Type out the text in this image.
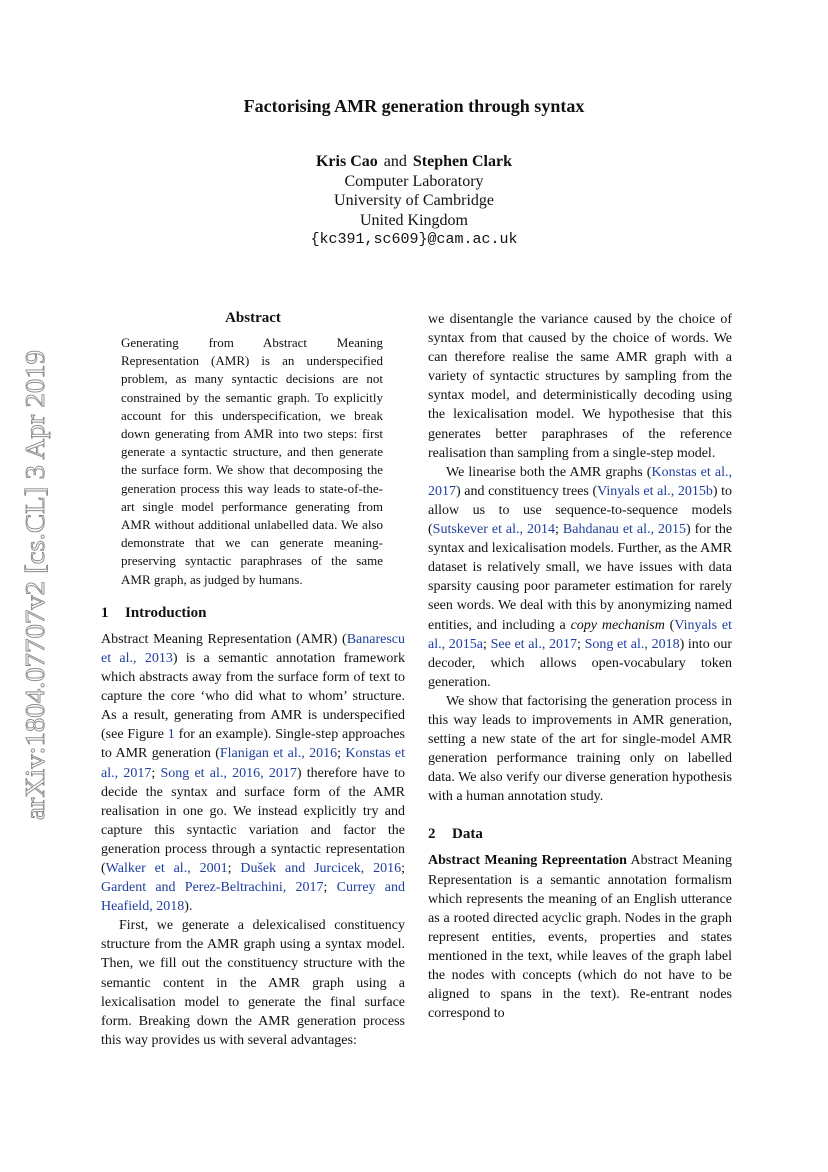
arXiv:1804.07707v2 [cs.CL] 3 Apr 2019
Factorising AMR generation through syntax
Kris Cao and Stephen Clark
Computer Laboratory
University of Cambridge
United Kingdom
{kc391,sc609}@cam.ac.uk
Abstract
Generating from Abstract Meaning Representation (AMR) is an underspecified problem, as many syntactic decisions are not constrained by the semantic graph. To explicitly account for this underspecification, we break down generating from AMR into two steps: first generate a syntactic structure, and then generate the surface form. We show that decomposing the generation process this way leads to state-of-the-art single model performance generating from AMR without additional unlabelled data. We also demonstrate that we can generate meaning-preserving syntactic paraphrases of the same AMR graph, as judged by humans.
1 Introduction

Abstract Meaning Representation (AMR) (Banarescu et al., 2013) is a semantic annotation framework which abstracts away from the surface form of text to capture the core ‘who did what to whom’ structure. As a result, generating from AMR is underspecified (see Figure 1 for an example). Single-step approaches to AMR generation (Flanigan et al., 2016; Konstas et al., 2017; Song et al., 2016, 2017) therefore have to decide the syntax and surface form of the AMR realisation in one go. We instead explicitly try and capture this syntactic variation and factor the generation process through a syntactic representation (Walker et al., 2001; Dušek and Jurcicek, 2016; Gardent and Perez-Beltrachini, 2017; Currey and Heafield, 2018).

First, we generate a delexicalised constituency structure from the AMR graph using a syntax model. Then, we fill out the constituency structure with the semantic content in the AMR graph using a lexicalisation model to generate the final surface form. Breaking down the AMR generation process this way provides us with several advantages:

we disentangle the variance caused by the choice of syntax from that caused by the choice of words. We can therefore realise the same AMR graph with a variety of syntactic structures by sampling from the syntax model, and deterministically decoding using the lexicalisation model. We hypothesise that this generates better paraphrases of the reference realisation than sampling from a single-step model.

We linearise both the AMR graphs (Konstas et al., 2017) and constituency trees (Vinyals et al., 2015b) to allow us to use sequence-to-sequence models (Sutskever et al., 2014; Bahdanau et al., 2015) for the syntax and lexicalisation models. Further, as the AMR dataset is relatively small, we have issues with data sparsity causing poor parameter estimation for rarely seen words. We deal with this by anonymizing named entities, and including a copy mechanism (Vinyals et al., 2015a; See et al., 2017; Song et al., 2018) into our decoder, which allows open-vocabulary token generation.

We show that factorising the generation process in this way leads to improvements in AMR generation, setting a new state of the art for single-model AMR generation performance training only on labelled data. We also verify our diverse generation hypothesis with a human annotation study.

2 Data

Abstract Meaning Repreentation Abstract Meaning Representation is a semantic annotation formalism which represents the meaning of an English utterance as a rooted directed acyclic graph. Nodes in the graph represent entities, events, properties and states mentioned in the text, while leaves of the graph label the nodes with concepts (which do not have to be aligned to spans in the text). Re-entrant nodes correspond to
